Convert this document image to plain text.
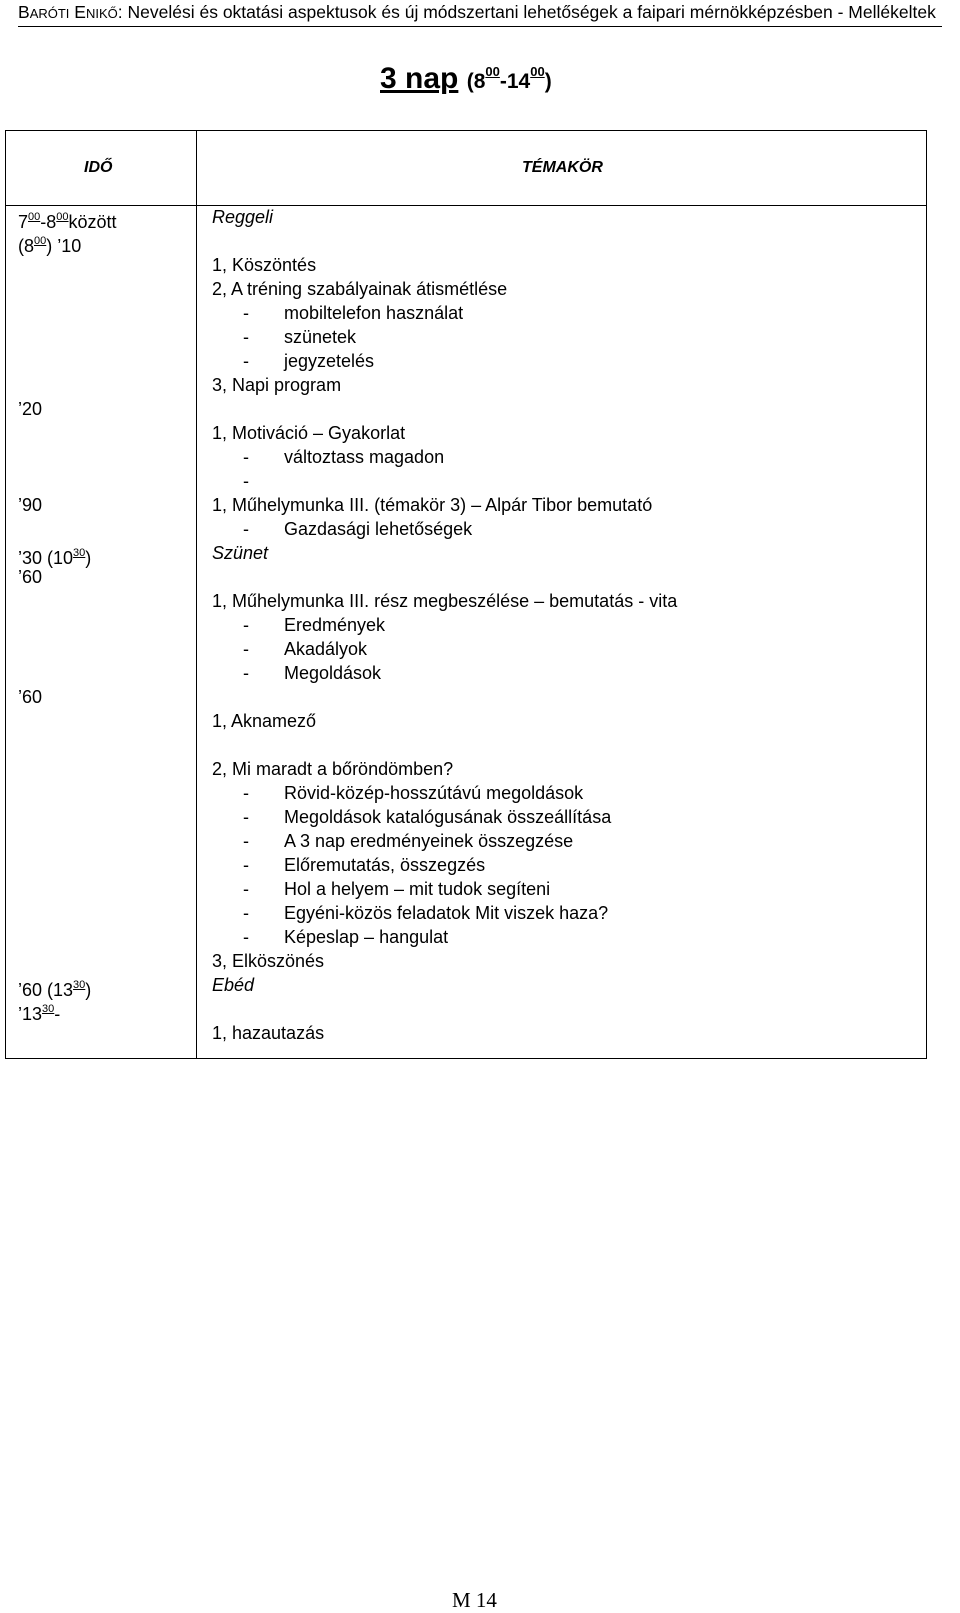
BARÓTI ENIKŐ: Nevelési és oktatási aspektusok és új módszertani lehetőségek a faipari mérnökképzésben - Mellékeltek
3 nap $(8^{00}-14^{00})$
IDŐ	TÉMAKÖR
$7^{00}-8^{00}között$
$(8^{00})$ ’10
’20
’90
’30 $(10^{30})$
’60
’60
’60 $(13^{30})$
$’13^{30}-$
Reggeli
1, Köszöntés
2, A tréning szabályainak átismétlése
- mobiltelefon használat
- szünetek
- jegyzetelés
3, Napi program
1, Motiváció – Gyakorlat
- változtass magadon
-
1, Műhelymunka III. (témakör 3) – Alpár Tibor bemutató
- Gazdasági lehetőségek
Szünet
1, Műhelymunka III. rész megbeszélése – bemutatás - vita
- Eredmények
- Akadályok
- Megoldások
1, Aknamező
2, Mi maradt a bőröndömben?
- Rövid-közép-hosszútávú megoldások
- Megoldások katalógusának összeállítása
- A 3 nap eredményeinek összegzése
- Előremutatás, összegzés
- Hol a helyem – mit tudok segíteni
- Egyéni-közös feladatok Mit viszek haza?
- Képeslap – hangulat
3, Elköszönés
Ebéd
1, hazautazás
M 14
